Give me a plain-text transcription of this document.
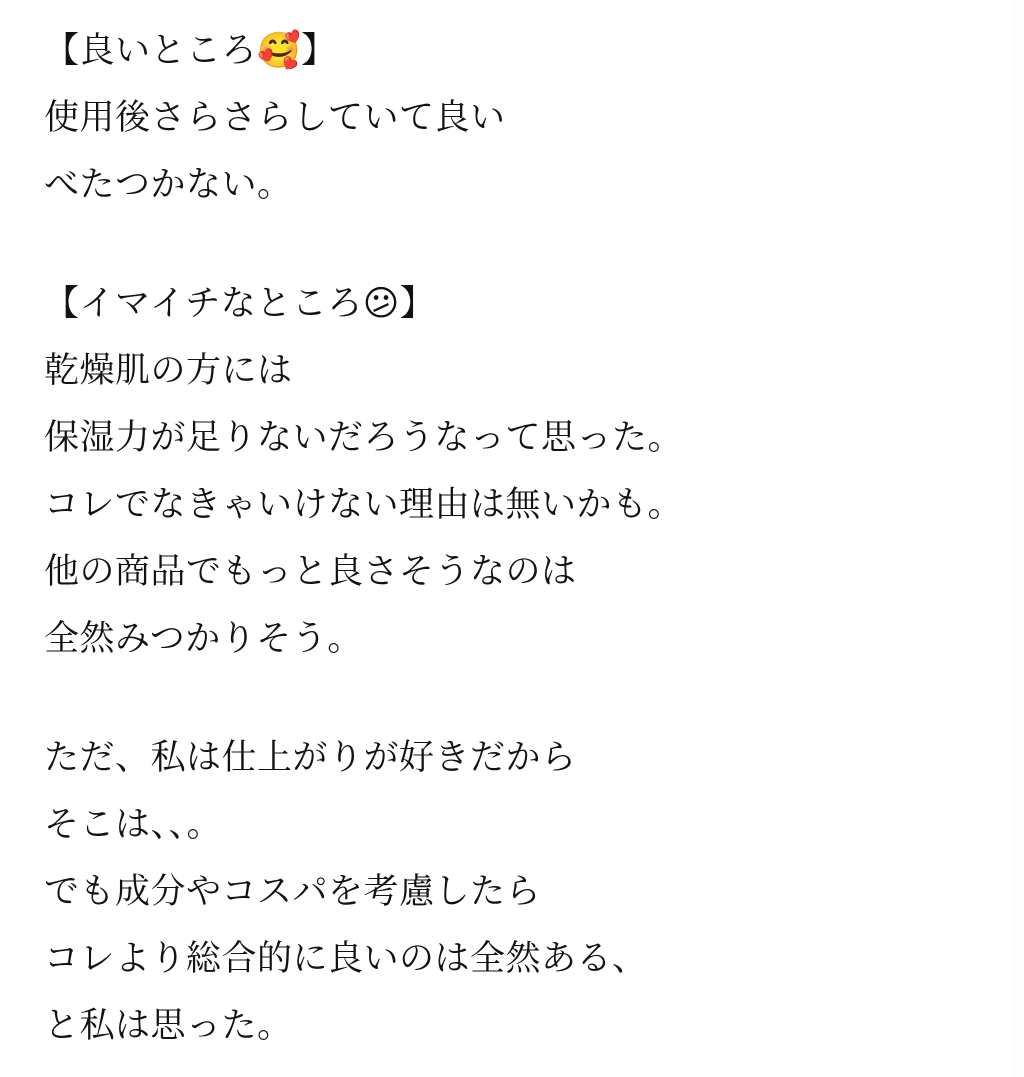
【良いところ🥰】
使用後さらさらしていて良い
べたつかない。
【イマイチなところ😕】
乾燥肌の方には
保湿力が足りないだろうなって思った。
コレでなきゃいけない理由は無いかも。
他の商品でもっと良さそうなのは
全然みつかりそう。
ただ、私は仕上がりが好きだから
そこは、、。
でも成分やコスパを考慮したら
コレより総合的に良いのは全然ある、
と私は思った。
